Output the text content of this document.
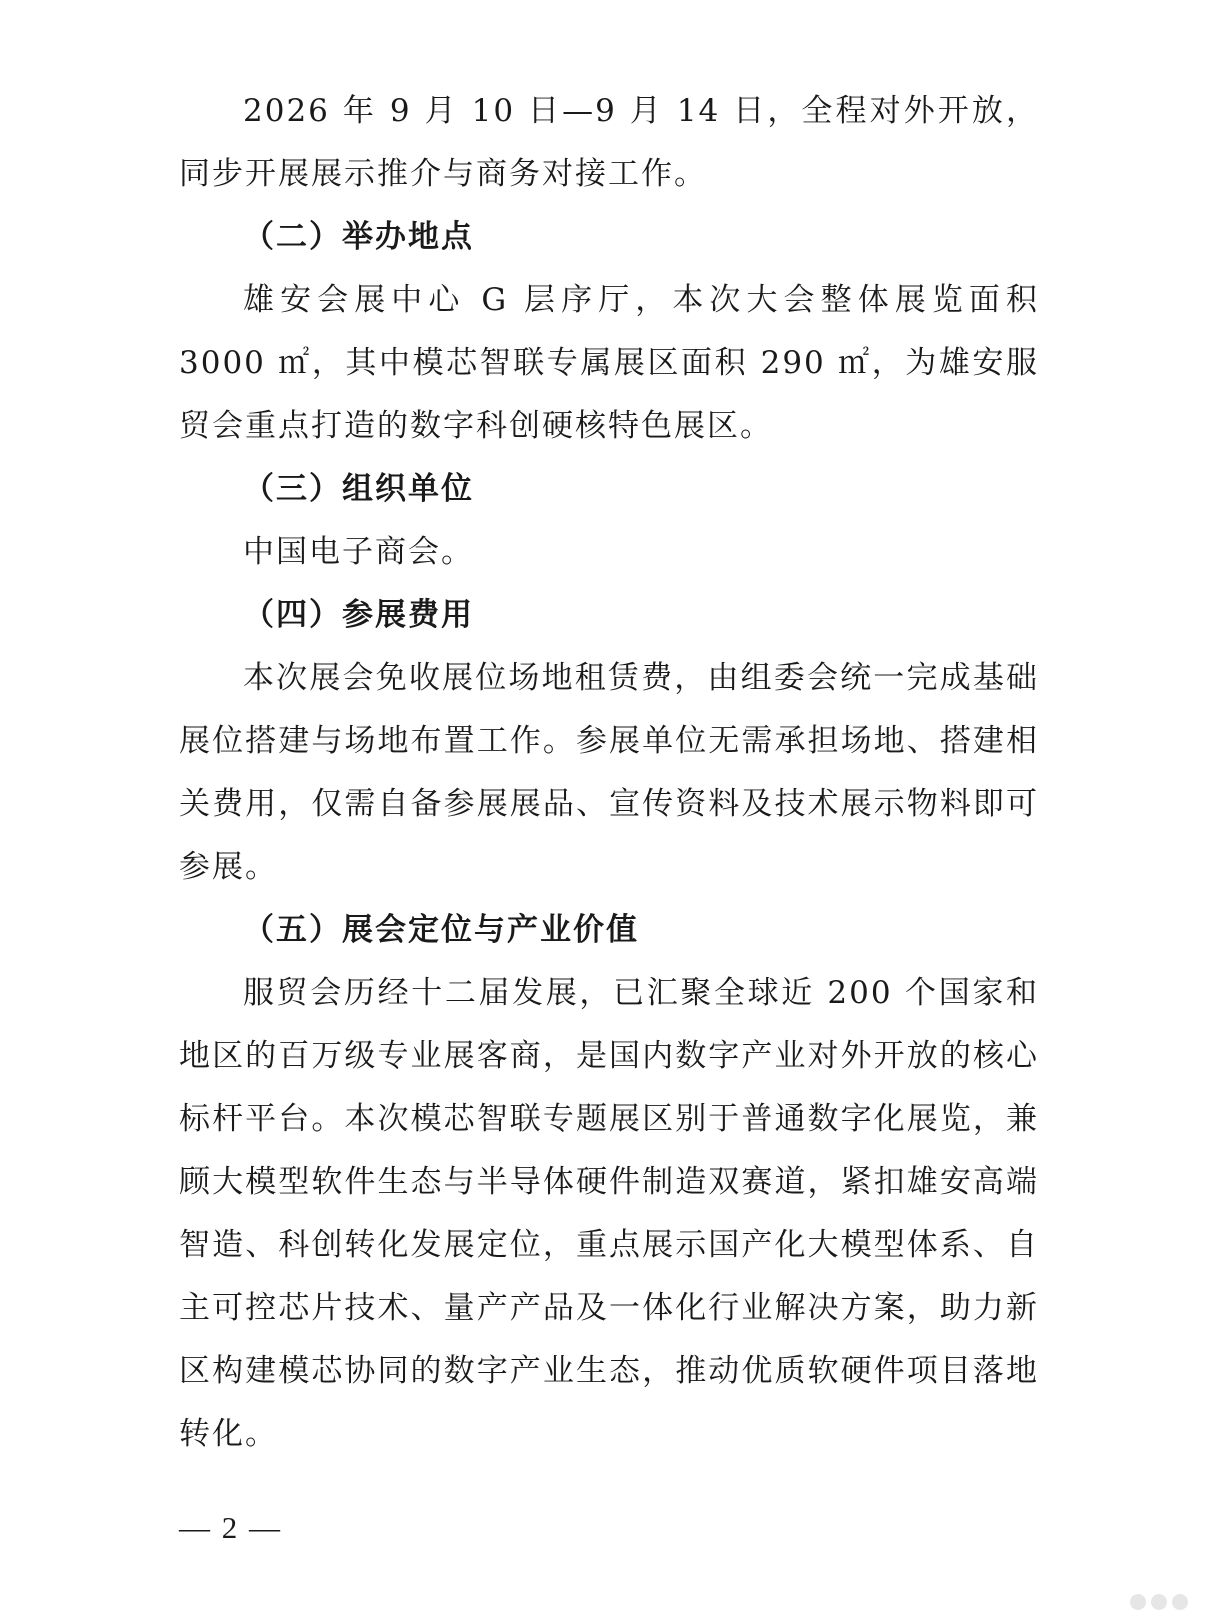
2026 年 9 月 10 日—9 月 14 日，全程对外开放，同步开展展示推介与商务对接工作。

（二）举办地点

雄安会展中心 G 层序厅，本次大会整体展览面积 3000 ㎡，其中模芯智联专属展区面积 290 ㎡，为雄安服贸会重点打造的数字科创硬核特色展区。

（三）组织单位

中国电子商会。

（四）参展费用

本次展会免收展位场地租赁费，由组委会统一完成基础展位搭建与场地布置工作。参展单位无需承担场地、搭建相关费用，仅需自备参展展品、宣传资料及技术展示物料即可参展。

（五）展会定位与产业价值

服贸会历经十二届发展，已汇聚全球近 200 个国家和地区的百万级专业展客商，是国内数字产业对外开放的核心标杆平台。本次模芯智联专题展区别于普通数字化展览，兼顾大模型软件生态与半导体硬件制造双赛道，紧扣雄安高端智造、科创转化发展定位，重点展示国产化大模型体系、自主可控芯片技术、量产产品及一体化行业解决方案，助力新区构建模芯协同的数字产业生态，推动优质软硬件项目落地转化。

— 2 —
